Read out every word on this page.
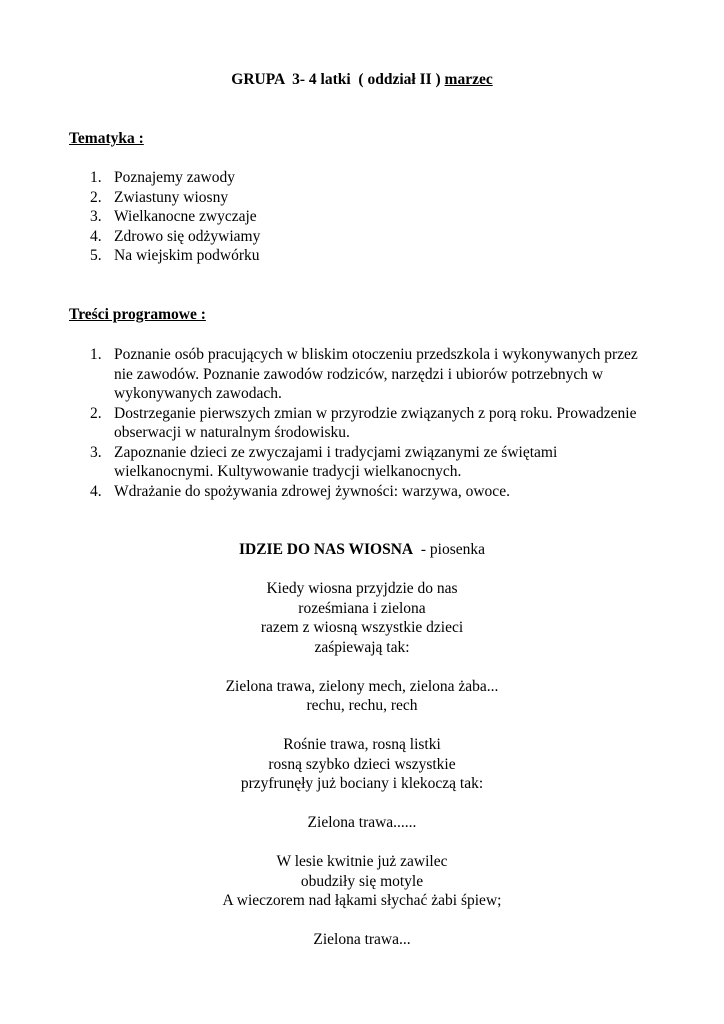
GRUPA  3- 4 latki  ( oddział II ) marzec
Tematyka :
1. Poznajemy zawody
2. Zwiastuny wiosny
3. Wielkanocne zwyczaje
4. Zdrowo się odżywiamy
5. Na wiejskim podwórku
Treści programowe :
1. Poznanie osób pracujących w bliskim otoczeniu przedszkola i wykonywanych przez nie zawodów. Poznanie zawodów rodziców, narzędzi i ubiorów potrzebnych w wykonywanych zawodach.
2. Dostrzeganie pierwszych zmian w przyrodzie związanych z porą roku. Prowadzenie obserwacji w naturalnym środowisku.
3. Zapoznanie dzieci ze zwyczajami i tradycjami związanymi ze świętami wielkanocnymi. Kultywowanie tradycji wielkanocnych.
4. Wdrażanie do spożywania zdrowej żywności: warzywa, owoce.

IDZIE DO NAS WIOSNA  - piosenka

Kiedy wiosna przyjdzie do nas
roześmiana i zielona
razem z wiosną wszystkie dzieci
zaśpiewają tak:

Zielona trawa, zielony mech, zielona żaba...
rechu, rechu, rech

Rośnie trawa, rosną listki
rosną szybko dzieci wszystkie
przyfrunęły już bociany i klekoczą tak:

Zielona trawa......

W lesie kwitnie już zawilec
obudziły się motyle
A wieczorem nad łąkami słychać żabi śpiew;

Zielona trawa...
